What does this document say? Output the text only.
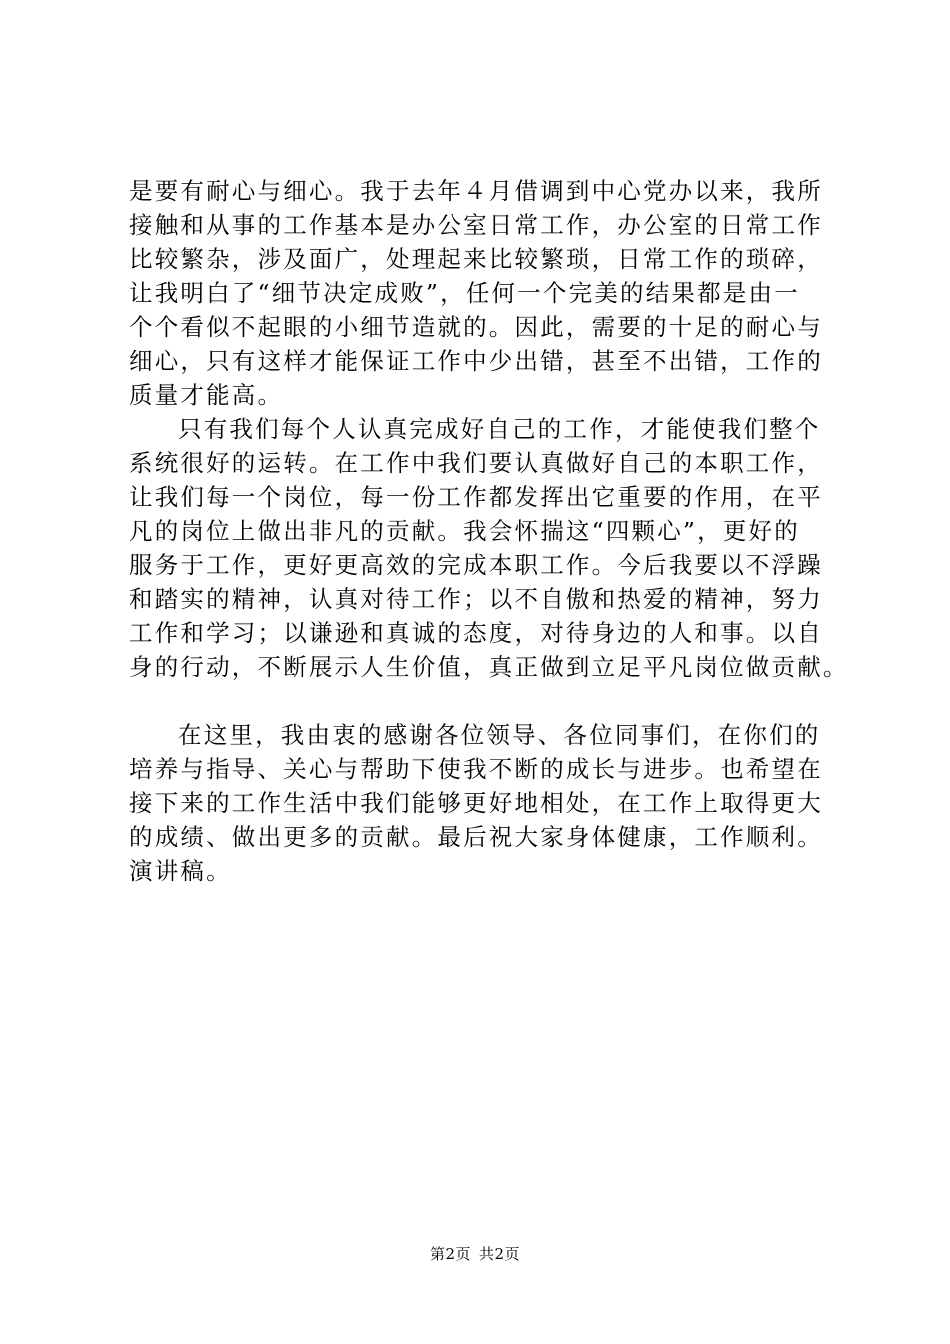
是要有耐心与细心。我于去年４月借调到中心党办以来，我所
接触和从事的工作基本是办公室日常工作，办公室的日常工作
比较繁杂，涉及面广，处理起来比较繁琐，日常工作的琐碎，
让我明白了“细节决定成败”，任何一个完美的结果都是由一
个个看似不起眼的小细节造就的。因此，需要的十足的耐心与
细心，只有这样才能保证工作中少出错，甚至不出错，工作的
质量才能高。
只有我们每个人认真完成好自己的工作，才能使我们整个
系统很好的运转。在工作中我们要认真做好自己的本职工作，
让我们每一个岗位，每一份工作都发挥出它重要的作用，在平
凡的岗位上做出非凡的贡献。我会怀揣这“四颗心”，更好的
服务于工作，更好更高效的完成本职工作。今后我要以不浮躁
和踏实的精神，认真对待工作；以不自傲和热爱的精神，努力
工作和学习；以谦逊和真诚的态度，对待身边的人和事。以自
身的行动，不断展示人生价值，真正做到立足平凡岗位做贡献。
在这里，我由衷的感谢各位领导、各位同事们，在你们的
培养与指导、关心与帮助下使我不断的成长与进步。也希望在
接下来的工作生活中我们能够更好地相处，在工作上取得更大
的成绩、做出更多的贡献。最后祝大家身体健康，工作顺利。
演讲稿。
第2页 共2页
